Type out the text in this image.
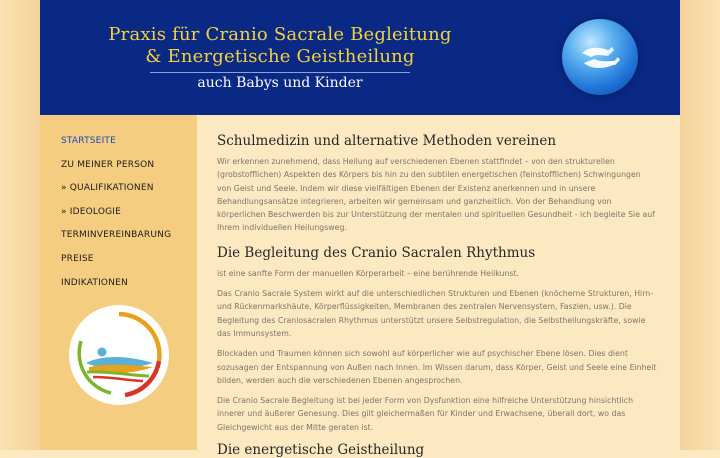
Praxis für Cranio Sacrale Begleitung
& Energetische Geistheilung
auch Babys und Kinder
STARTSEITE
ZU MEINER PERSON
» QUALIFIKATIONEN
» IDEOLOGIE
TERMINVEREINBARUNG
PREISE
INDIKATIONEN
Schulmedizin und alternative Methoden vereinen

Wir erkennen zunehmend, dass Heilung auf verschiedenen Ebenen stattfindet – von den strukturellen (grobstofflichen) Aspekten des Körpers bis hin zu den subtilen energetischen (feinstofflichen) Schwingungen von Geist und Seele. Indem wir diese vielfältigen Ebenen der Existenz anerkennen und in unsere Behandlungsansätze integrieren, arbeiten wir gemeinsam und ganzheitlich. Von der Behandlung von körperlichen Beschwerden bis zur Unterstützung der mentalen und spirituellen Gesundheit - ich begleite Sie auf Ihrem individuellen Heilungsweg.

Die Begleitung des Cranio Sacralen Rhythmus

ist eine sanfte Form der manuellen Körperarbeit – eine berührende Heilkunst.

Das Cranio Sacrale System wirkt auf die unterschiedlichen Strukturen und Ebenen (knöcherne Strukturen, Hirn- und Rückenmarkshäute, Körperflüssigkeiten, Membranen des zentralen Nervensystem, Faszien, usw.). Die Begleitung des Craniosacralen Rhythmus unterstützt unsere Selbstregulation, die Selbstheilungskräfte, sowie das Immunsystem.

Blockaden und Traumen können sich sowohl auf körperlicher wie auf psychischer Ebene lösen. Dies dient sozusagen der Entspannung von Außen nach Innen. Im Wissen darum, dass Körper, Geist und Seele eine Einheit bilden, werden auch die verschiedenen Ebenen angesprochen.

Die Cranio Sacrale Begleitung ist bei jeder Form von Dysfunktion eine hilfreiche Unterstützung hinsichtlich innerer und äußerer Genesung. Dies gilt gleichermaßen für Kinder und Erwachsene, überall dort, wo das Gleichgewicht aus der Mitte geraten ist.

Die energetische Geistheilung
